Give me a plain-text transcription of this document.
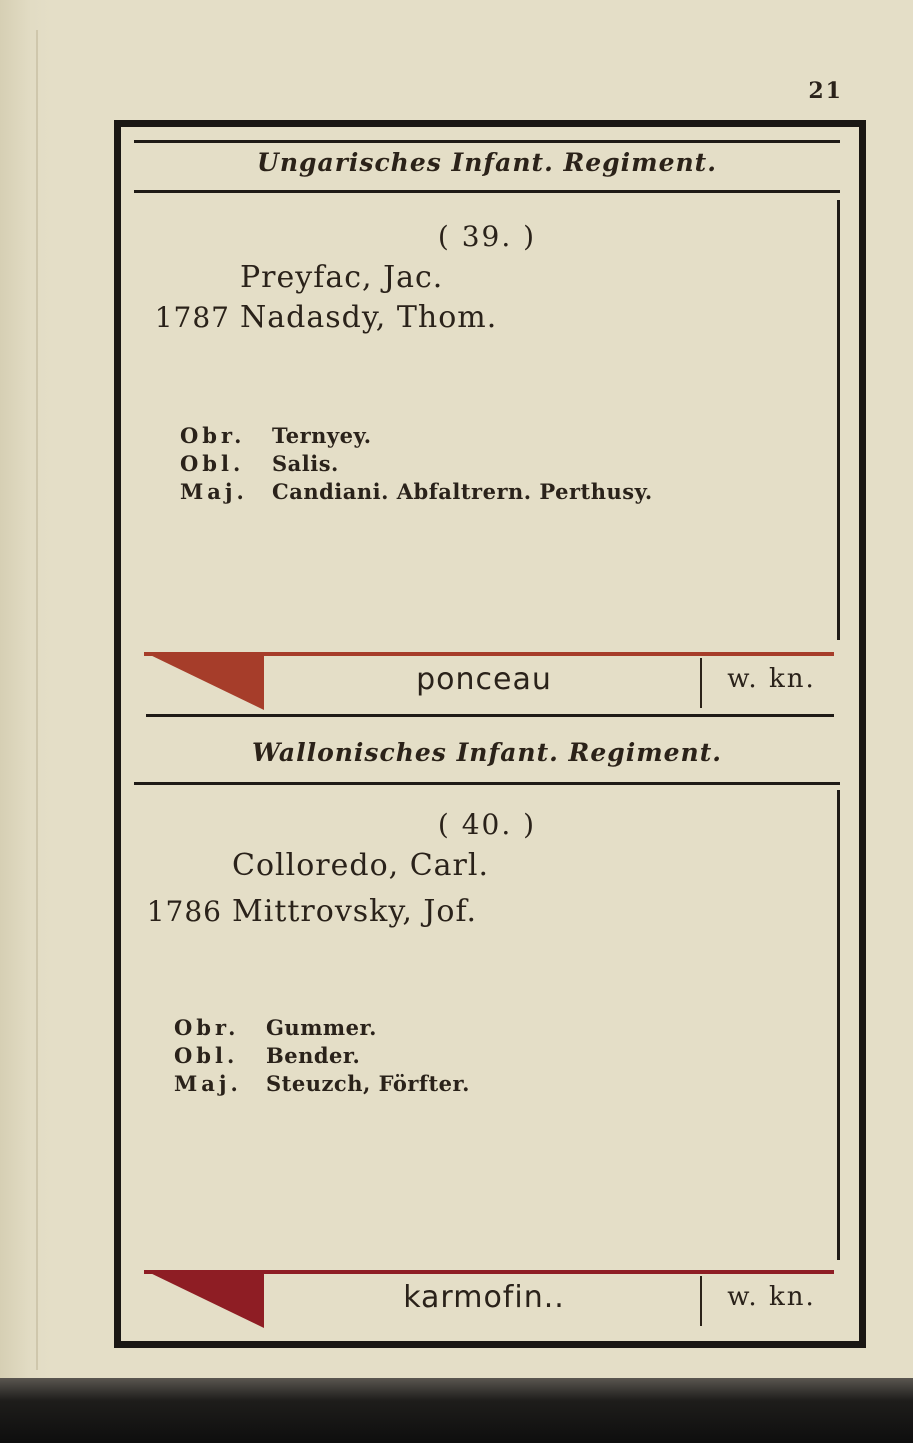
21
Ungarisches Infant. Regiment.
( 39. )
Preyfac, Jac.
1787 Nadasdy, Thom.
Obr. Ternyey.
Obl. Salis.
Maj. Candiani. Abfaltrern. Perthusy.
ponceau	w. kn.
Wallonisches Infant. Regiment.
( 40. )
Colloredo, Carl.
1786 Mittrovsky, Jof.
Obr. Gummer.
Obl. Bender.
Maj. Steuzch, Förfter.
karmofin..	w. kn.
